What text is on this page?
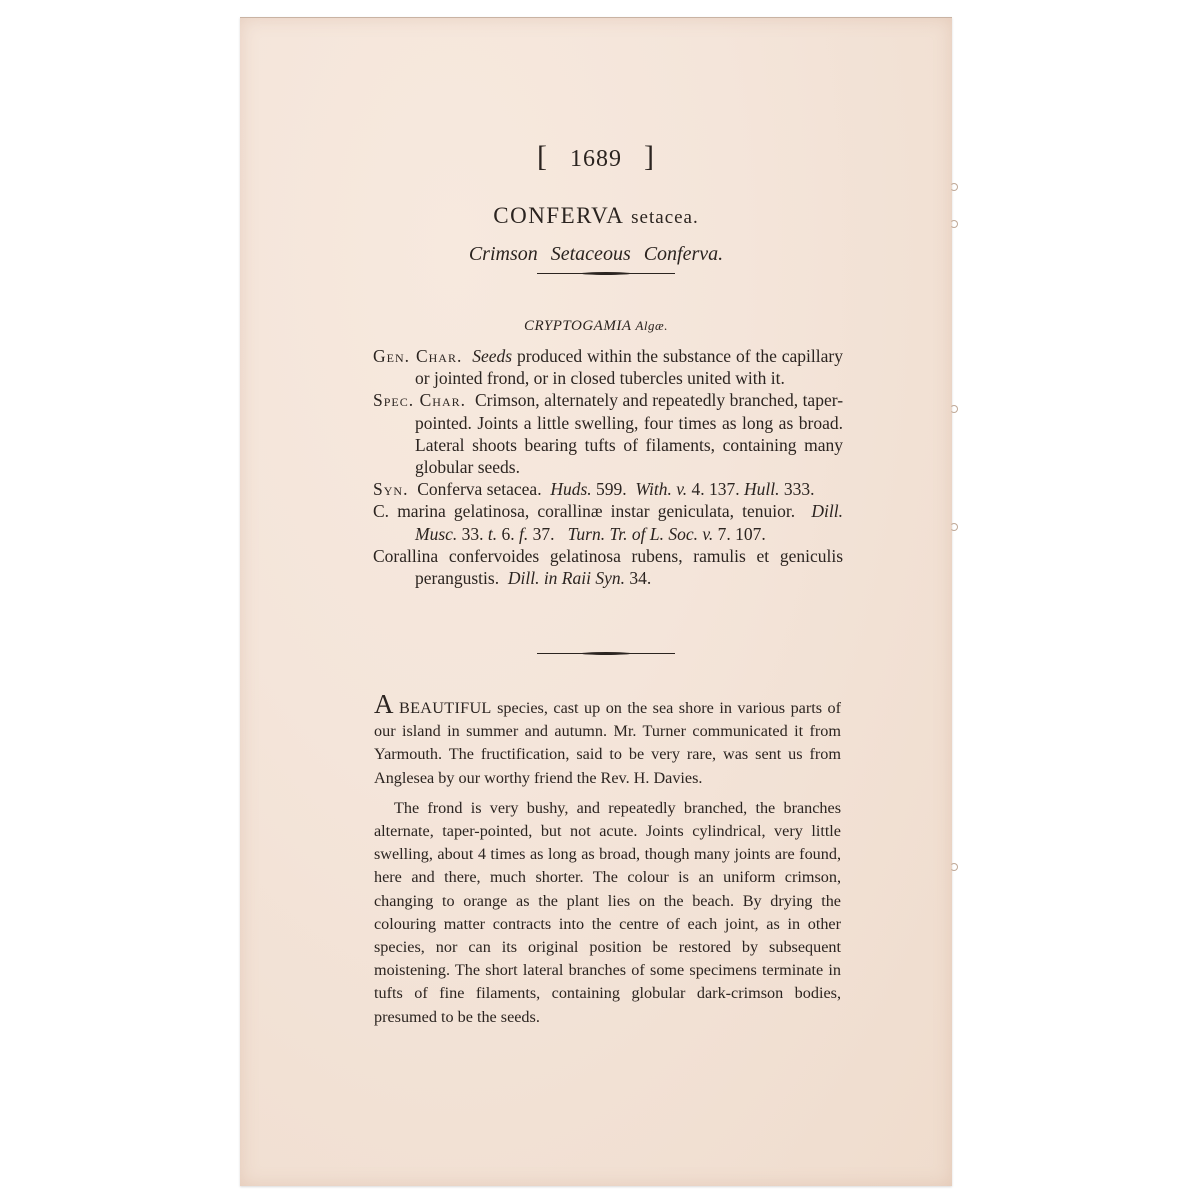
[ 1689 ]
CONFERVA setacea.
Crimson Setaceous Conferva.
CRYPTOGAMIA Algæ.

Gen. Char. Seeds produced within the substance of the capillary or jointed frond, or in closed tubercles united with it.

Spec. Char. Crimson, alternately and repeatedly branched, taper-pointed. Joints a little swelling, four times as long as broad. Lateral shoots bearing tufts of filaments, containing many globular seeds.

Syn. Conferva setacea. Huds. 599. With. v. 4. 137. Hull. 333.

C. marina gelatinosa, corallinæ instar geniculata, tenuior. Dill. Musc. 33. t. 6. f. 37. Turn. Tr. of L. Soc. v. 7. 107.

Corallina confervoides gelatinosa rubens, ramulis et geniculis perangustis. Dill. in Raii Syn. 34.

A BEAUTIFUL species, cast up on the sea shore in various parts of our island in summer and autumn. Mr. Turner communicated it from Yarmouth. The fructification, said to be very rare, was sent us from Anglesea by our worthy friend the Rev. H. Davies.

The frond is very bushy, and repeatedly branched, the branches alternate, taper-pointed, but not acute. Joints cylindrical, very little swelling, about 4 times as long as broad, though many joints are found, here and there, much shorter. The colour is an uniform crimson, changing to orange as the plant lies on the beach. By drying the colouring matter contracts into the centre of each joint, as in other species, nor can its original position be restored by subsequent moistening. The short lateral branches of some specimens terminate in tufts of fine filaments, containing globular dark-crimson bodies, presumed to be the seeds.
